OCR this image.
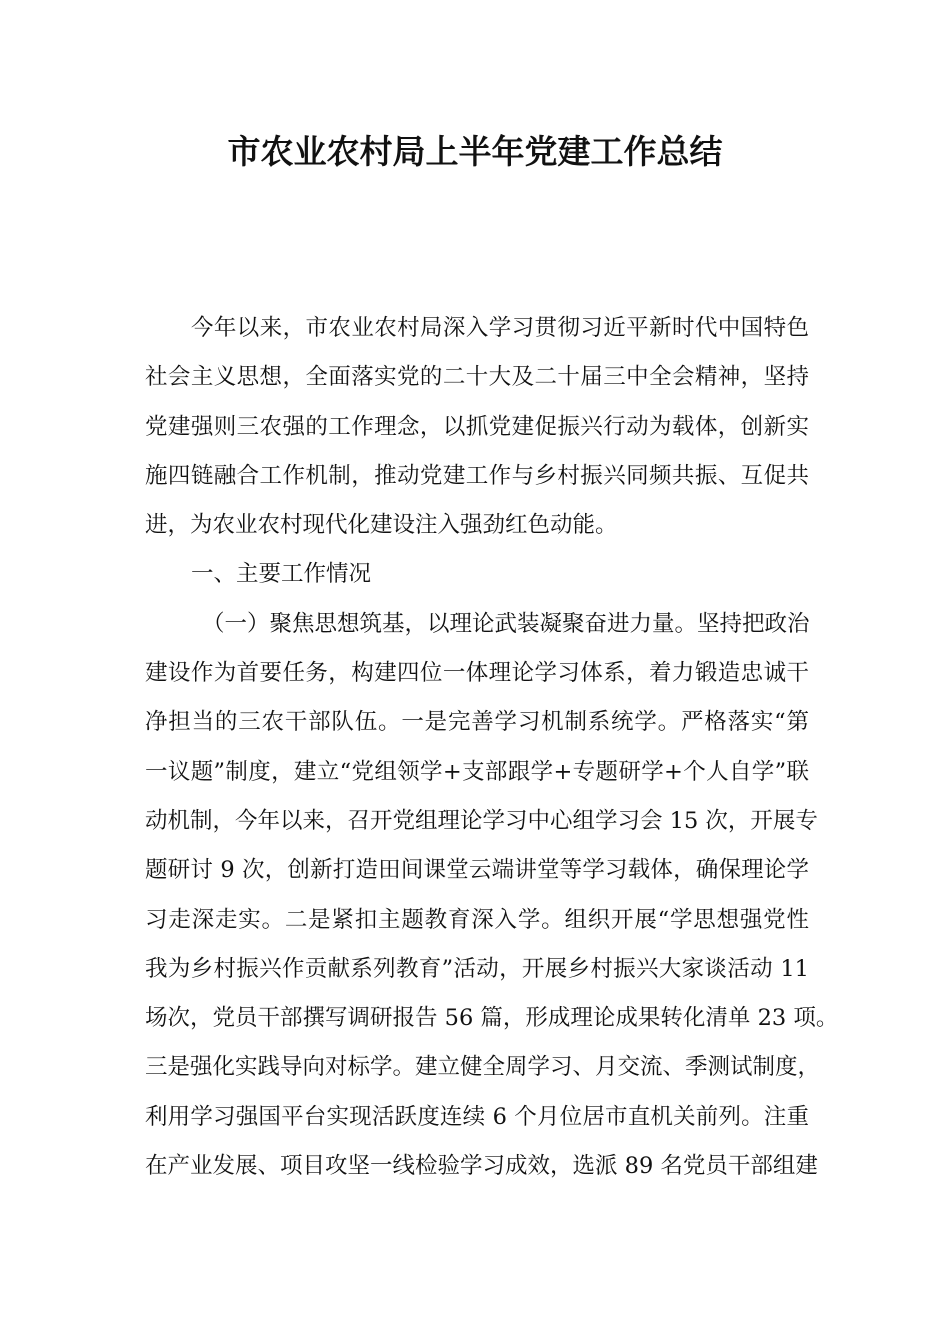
市农业农村局上半年党建工作总结
今年以来，市农业农村局深入学习贯彻习近平新时代中国特色
社会主义思想，全面落实党的二十大及二十届三中全会精神，坚持
党建强则三农强的工作理念，以抓党建促振兴行动为载体，创新实
施四链融合工作机制，推动党建工作与乡村振兴同频共振、互促共
进，为农业农村现代化建设注入强劲红色动能。
一、主要工作情况
（一）聚焦思想筑基，以理论武装凝聚奋进力量。坚持把政治
建设作为首要任务，构建四位一体理论学习体系，着力锻造忠诚干
净担当的三农干部队伍。一是完善学习机制系统学。严格落实“第
一议题”制度，建立“党组领学+支部跟学+专题研学+个人自学”联
动机制，今年以来，召开党组理论学习中心组学习会 15 次，开展专
题研讨 9 次，创新打造田间课堂云端讲堂等学习载体，确保理论学
习走深走实。二是紧扣主题教育深入学。组织开展“学思想强党性
我为乡村振兴作贡献系列教育”活动，开展乡村振兴大家谈活动 11
场次，党员干部撰写调研报告 56 篇，形成理论成果转化清单 23 项。
三是强化实践导向对标学。建立健全周学习、月交流、季测试制度，
利用学习强国平台实现活跃度连续 6 个月位居市直机关前列。注重
在产业发展、项目攻坚一线检验学习成效，选派 89 名党员干部组建
